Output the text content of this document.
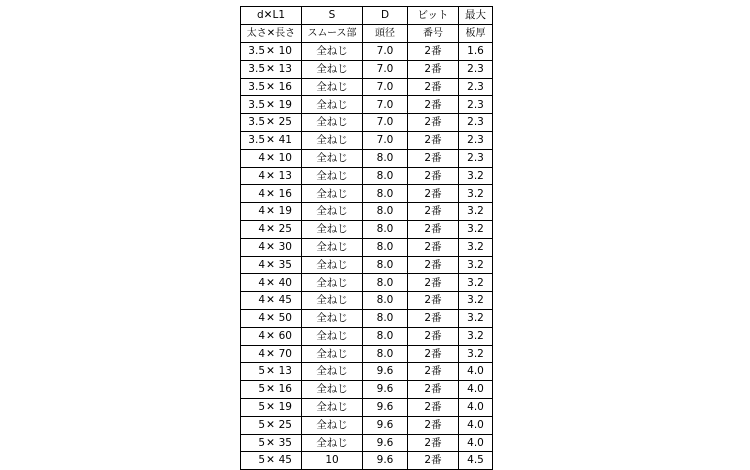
d✕L1	S	D	ビット	最大
太さ✕長さ	スムース部	頭径	番号	板厚
3.5✕ 10	全ねじ	7.0	2番	1.6
3.5✕ 13	全ねじ	7.0	2番	2.3
3.5✕ 16	全ねじ	7.0	2番	2.3
3.5✕ 19	全ねじ	7.0	2番	2.3
3.5✕ 25	全ねじ	7.0	2番	2.3
3.5✕ 41	全ねじ	7.0	2番	2.3
4✕ 10	全ねじ	8.0	2番	2.3
4✕ 13	全ねじ	8.0	2番	3.2
4✕ 16	全ねじ	8.0	2番	3.2
4✕ 19	全ねじ	8.0	2番	3.2
4✕ 25	全ねじ	8.0	2番	3.2
4✕ 30	全ねじ	8.0	2番	3.2
4✕ 35	全ねじ	8.0	2番	3.2
4✕ 40	全ねじ	8.0	2番	3.2
4✕ 45	全ねじ	8.0	2番	3.2
4✕ 50	全ねじ	8.0	2番	3.2
4✕ 60	全ねじ	8.0	2番	3.2
4✕ 70	全ねじ	8.0	2番	3.2
5✕ 13	全ねじ	9.6	2番	4.0
5✕ 16	全ねじ	9.6	2番	4.0
5✕ 19	全ねじ	9.6	2番	4.0
5✕ 25	全ねじ	9.6	2番	4.0
5✕ 35	全ねじ	9.6	2番	4.0
5✕ 45	10	9.6	2番	4.5
